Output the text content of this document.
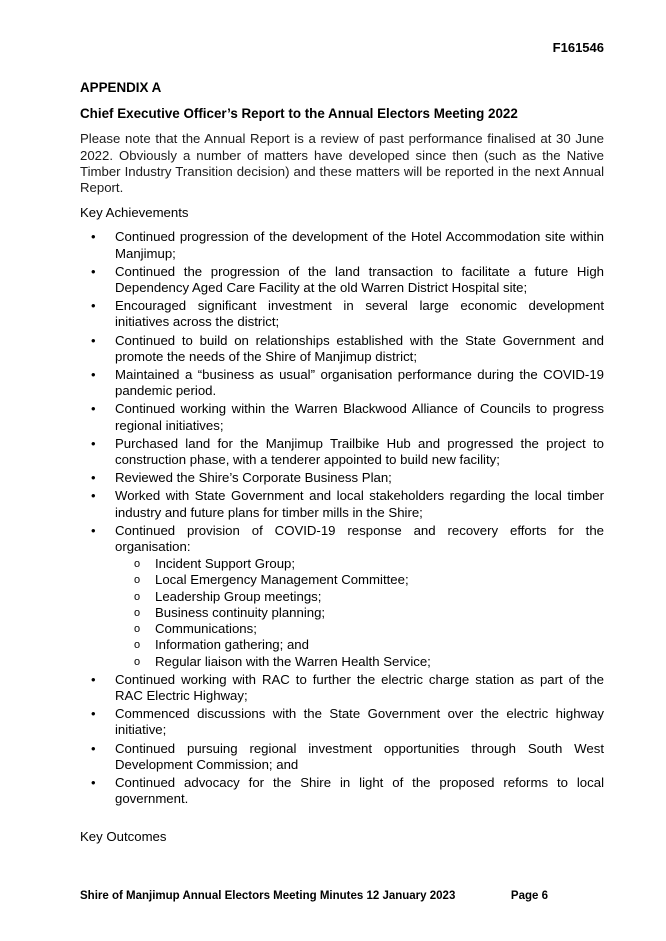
F161546
APPENDIX A
Chief Executive Officer’s Report to the Annual Electors Meeting 2022
Please note that the Annual Report is a review of past performance finalised at 30 June 2022. Obviously a number of matters have developed since then (such as the Native Timber Industry Transition decision) and these matters will be reported in the next Annual Report.
Key Achievements
• Continued progression of the development of the Hotel Accommodation site within Manjimup;
• Continued the progression of the land transaction to facilitate a future High Dependency Aged Care Facility at the old Warren District Hospital site;
• Encouraged significant investment in several large economic development initiatives across the district;
• Continued to build on relationships established with the State Government and promote the needs of the Shire of Manjimup district;
• Maintained a “business as usual” organisation performance during the COVID-19 pandemic period.
• Continued working within the Warren Blackwood Alliance of Councils to progress regional initiatives;
• Purchased land for the Manjimup Trailbike Hub and progressed the project to construction phase, with a tenderer appointed to build new facility;
• Reviewed the Shire’s Corporate Business Plan;
• Worked with State Government and local stakeholders regarding the local timber industry and future plans for timber mills in the Shire;
• Continued provision of COVID-19 response and recovery efforts for the organisation:
o Incident Support Group;
o Local Emergency Management Committee;
o Leadership Group meetings;
o Business continuity planning;
o Communications;
o Information gathering; and
o Regular liaison with the Warren Health Service;
• Continued working with RAC to further the electric charge station as part of the RAC Electric Highway;
• Commenced discussions with the State Government over the electric highway initiative;
• Continued pursuing regional investment opportunities through South West Development Commission; and
• Continued advocacy for the Shire in light of the proposed reforms to local government.
Key Outcomes
Shire of Manjimup Annual Electors Meeting Minutes 12 January 2023	Page 6
